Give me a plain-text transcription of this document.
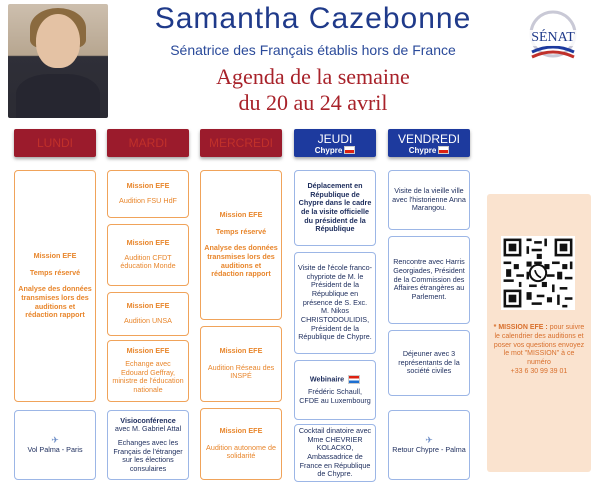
Samantha Cazebonne
Sénatrice des Français établis hors de France
Agenda de la semaine
du 20 au 24 avril
SÉNAT
LUNDI	MARDI	MERCREDI	JEUDI
Chypre
VENDREDI
Chypre
Mission EFE
Temps réservé
Analyse des données transmises lors des auditions et rédaction rapport
✈
Vol Palma - Paris
Mission EFE
Audition FSU HdF
Mission EFE
Audition CFDT éducation Monde
Mission EFE
Audition UNSA
Mission EFE
Echange avec Edouard Geffray, ministre de l'éducation nationale
Visioconférence
avec M. Gabriel Attal
Echanges avec les Français de l'étranger sur les élections consulaires
Mission EFE
Temps réservé
Analyse des données transmises lors des auditions et rédaction rapport
Mission EFE
Audition Réseau des INSPÉ
Mission EFE
Audition autonome de solidarité
Déplacement en République de Chypre dans le cadre de la visite officielle du président de la République
Visite de l'école franco-chypriote de M. le Président de la République en présence de S. Exc. M. Nikos CHRISTODOULIDIS, Président de la République de Chypre.
Webinaire
Frédéric Schaull, CFDE au Luxembourg
Cocktail dinatoire avec Mme CHEVRIER KOLACKO, Ambassadrice de France en République de Chypre.
Visite de la vieille ville avec l'historienne Anna Marangou.
Rencontre avec Harris Georgiades, Président de la Commission des Affaires étrangères au Parlement.
Déjeuner avec 3 représentants de la société civiles
✈
Retour Chypre - Palma
* MISSION EFE : pour suivre le calendrier des auditions et poser vos questions envoyez le mot "MISSION" à ce numéro
+33 6 30 99 39 01
